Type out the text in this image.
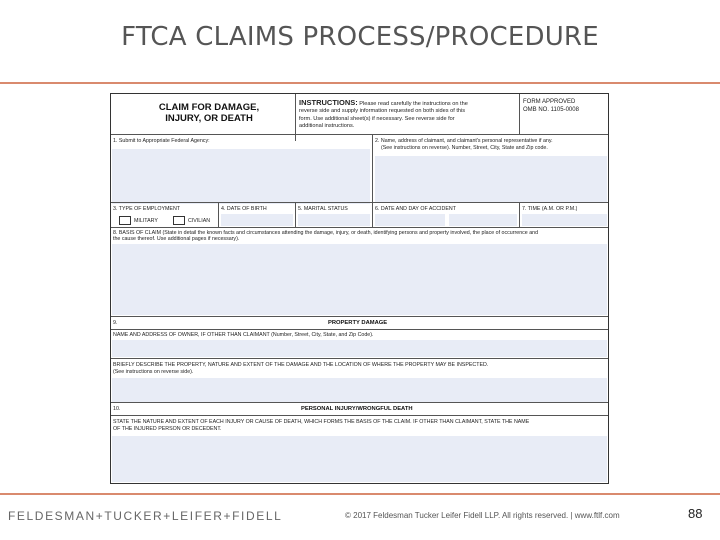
FTCA CLAIMS PROCESS/PROCEDURE
CLAIM FOR DAMAGE,
INJURY, OR DEATH
INSTRUCTIONS: Please read carefully the instructions on the
reverse side and supply information requested on both sides of this
form. Use additional sheet(s) if necessary. See reverse side for
additional instructions.
FORM APPROVED
OMB NO. 1105-0008
1. Submit to Appropriate Federal Agency:	2. Name, address of claimant, and claimant's personal representative if any.
(See instructions on reverse). Number, Street, City, State and Zip code.
3. TYPE OF EMPLOYMENT
MILITARY	CIVILIAN
4. DATE OF BIRTH	5. MARITAL STATUS	6. DATE AND DAY OF ACCIDENT	7. TIME (A.M. OR P.M.)
8. BASIS OF CLAIM (State in detail the known facts and circumstances attending the damage, injury, or death, identifying persons and property involved, the place of occurrence and
the cause thereof. Use additional pages if necessary).
9.	PROPERTY DAMAGE
NAME AND ADDRESS OF OWNER, IF OTHER THAN CLAIMANT (Number, Street, City, State, and Zip Code).
BRIEFLY DESCRIBE THE PROPERTY, NATURE AND EXTENT OF THE DAMAGE AND THE LOCATION OF WHERE THE PROPERTY MAY BE INSPECTED.
(See instructions on reverse side).
10.	PERSONAL INJURY/WRONGFUL DEATH
STATE THE NATURE AND EXTENT OF EACH INJURY OR CAUSE OF DEATH, WHICH FORMS THE BASIS OF THE CLAIM. IF OTHER THAN CLAIMANT, STATE THE NAME
OF THE INJURED PERSON OR DECEDENT.
FELDESMAN+TUCKER+LEIFER+FIDELL	© 2017 Feldesman Tucker Leifer Fidell LLP. All rights reserved. | www.ftlf.com	88
